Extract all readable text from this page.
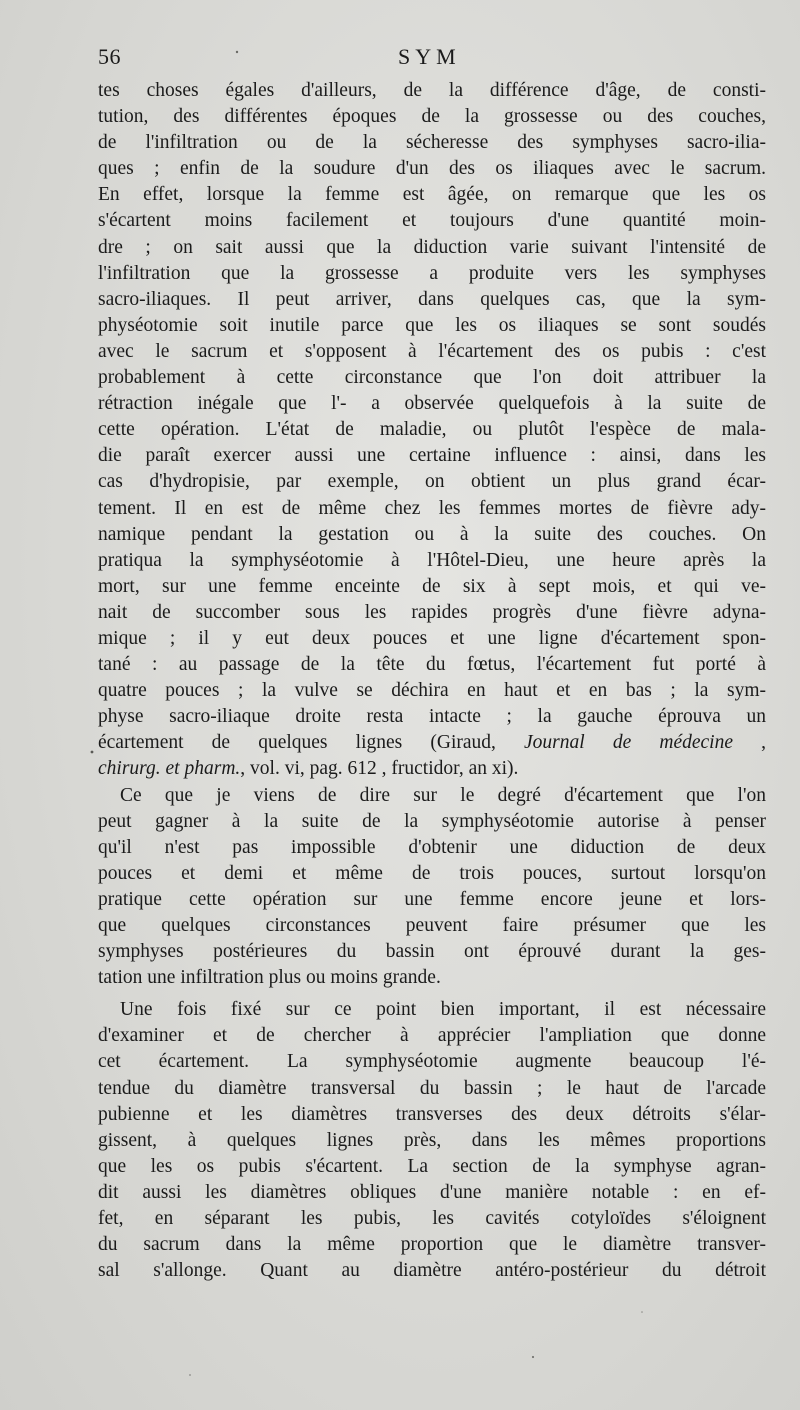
56	SYM
tes choses égales d'ailleurs, de la différence d'âge, de consti-
tution, des différentes époques de la grossesse ou des couches,
de l'infiltration ou de la sécheresse des symphyses sacro-ilia-
ques ; enfin de la soudure d'un des os iliaques avec le sacrum.
En effet, lorsque la femme est âgée, on remarque que les os
s'écartent moins facilement et toujours d'une quantité moin-
dre ; on sait aussi que la diduction varie suivant l'intensité de
l'infiltration que la grossesse a produite vers les symphyses
sacro-iliaques. Il peut arriver, dans quelques cas, que la sym-
physéotomie soit inutile parce que les os iliaques se sont soudés
avec le sacrum et s'opposent à l'écartement des os pubis : c'est
probablement à cette circonstance que l'on doit attribuer la
rétraction inégale que l'- a observée quelquefois à la suite de
cette opération. L'état de maladie, ou plutôt l'espèce de mala-
die paraît exercer aussi une certaine influence : ainsi, dans les
cas d'hydropisie, par exemple, on obtient un plus grand écar-
tement. Il en est de même chez les femmes mortes de fièvre ady-
namique pendant la gestation ou à la suite des couches. On
pratiqua la symphyséotomie à l'Hôtel-Dieu, une heure après la
mort, sur une femme enceinte de six à sept mois, et qui ve-
nait de succomber sous les rapides progrès d'une fièvre adyna-
mique ; il y eut deux pouces et une ligne d'écartement spon-
tané : au passage de la tête du fœtus, l'écartement fut porté à
quatre pouces ; la vulve se déchira en haut et en bas ; la sym-
physe sacro-iliaque droite resta intacte ; la gauche éprouva un
écartement de quelques lignes (Giraud, Journal de médecine ,
chirurg. et pharm., vol. vi, pag. 612 , fructidor, an xi).
Ce que je viens de dire sur le degré d'écartement que l'on
peut gagner à la suite de la symphyséotomie autorise à penser
qu'il n'est pas impossible d'obtenir une diduction de deux
pouces et demi et même de trois pouces, surtout lorsqu'on
pratique cette opération sur une femme encore jeune et lors-
que quelques circonstances peuvent faire présumer que les
symphyses postérieures du bassin ont éprouvé durant la ges-
tation une infiltration plus ou moins grande.
Une fois fixé sur ce point bien important, il est nécessaire
d'examiner et de chercher à apprécier l'ampliation que donne
cet écartement. La symphyséotomie augmente beaucoup l'é-
tendue du diamètre transversal du bassin ; le haut de l'arcade
pubienne et les diamètres transverses des deux détroits s'élar-
gissent, à quelques lignes près, dans les mêmes proportions
que les os pubis s'écartent. La section de la symphyse agran-
dit aussi les diamètres obliques d'une manière notable : en ef-
fet, en séparant les pubis, les cavités cotyloïdes s'éloignent
du sacrum dans la même proportion que le diamètre transver-
sal s'allonge. Quant au diamètre antéro-postérieur du détroit
